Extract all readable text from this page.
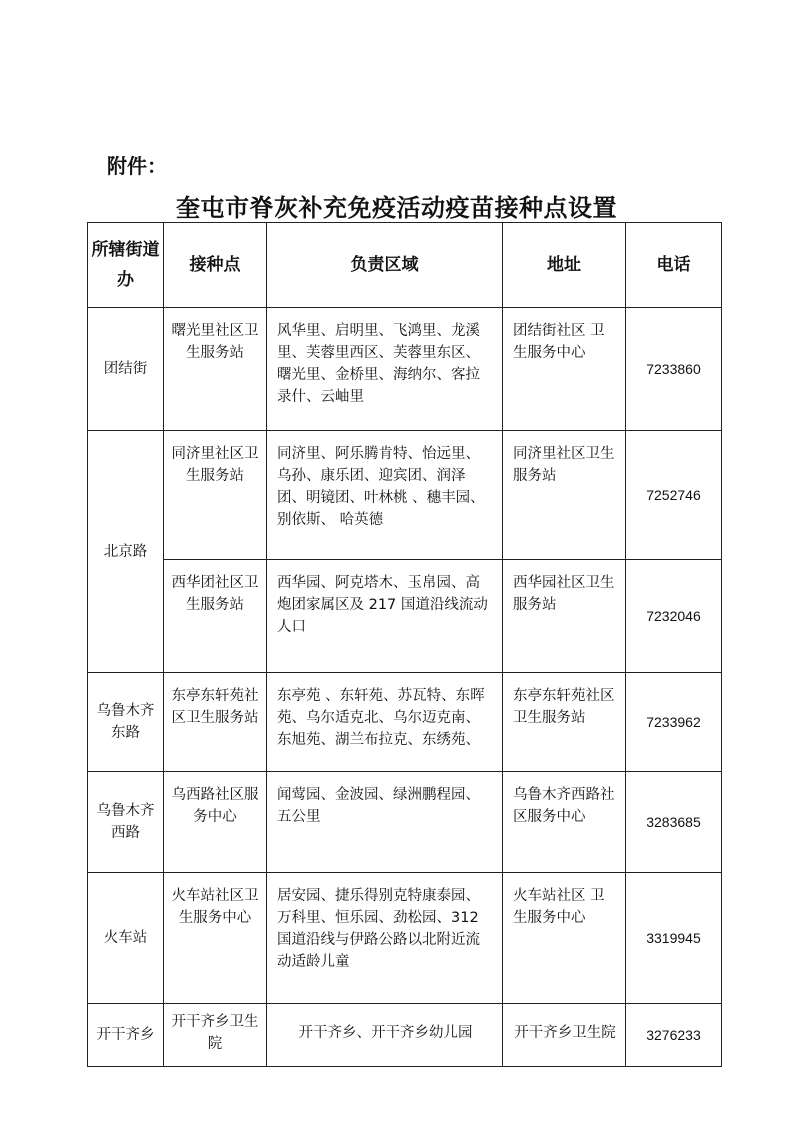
附件：
奎屯市脊灰补充免疫活动疫苗接种点设置
所辖街道办	接种点	负责区域	地址	电话
团结街	曙光里社区卫生服务站	风华里、启明里、飞鸿里、龙溪里、芙蓉里西区、芙蓉里东区、曙光里、金桥里、海纳尔、客拉录什、云岫里	团结街社区 卫生服务中心	7233860
北京路	同济里社区卫生服务站	同济里、阿乐腾肯特、怡远里、乌孙、康乐团、迎宾团、润泽团、明镜团、叶林桃 、穗丰园、别依斯、 哈英德	同济里社区卫生服务站	7252746
	西华团社区卫生服务站	西华园、阿克塔木、玉帛园、高炮团家属区及 217 国道沿线流动人口	西华园社区卫生服务站	7232046
乌鲁木齐东路	东亭东轩苑社区卫生服务站	东亭苑 、东轩苑、苏瓦特、东晖苑、乌尔适克北、乌尔迈克南、东旭苑、湖兰布拉克、东绣苑、	东亭东轩苑社区卫生服务站	7233962
乌鲁木齐西路	乌西路社区服务中心	闻莺园、金波园、绿洲鹏程园、五公里	乌鲁木齐西路社区服务中心	3283685
火车站	火车站社区卫生服务中心	居安园、捷乐得别克特康泰园、万科里、恒乐园、劲松园、312 国道沿线与伊路公路以北附近流动适龄儿童	火车站社区 卫生服务中心	3319945
开干齐乡	开干齐乡卫生院	开干齐乡、开干齐乡幼儿园	开干齐乡卫生院	3276233
